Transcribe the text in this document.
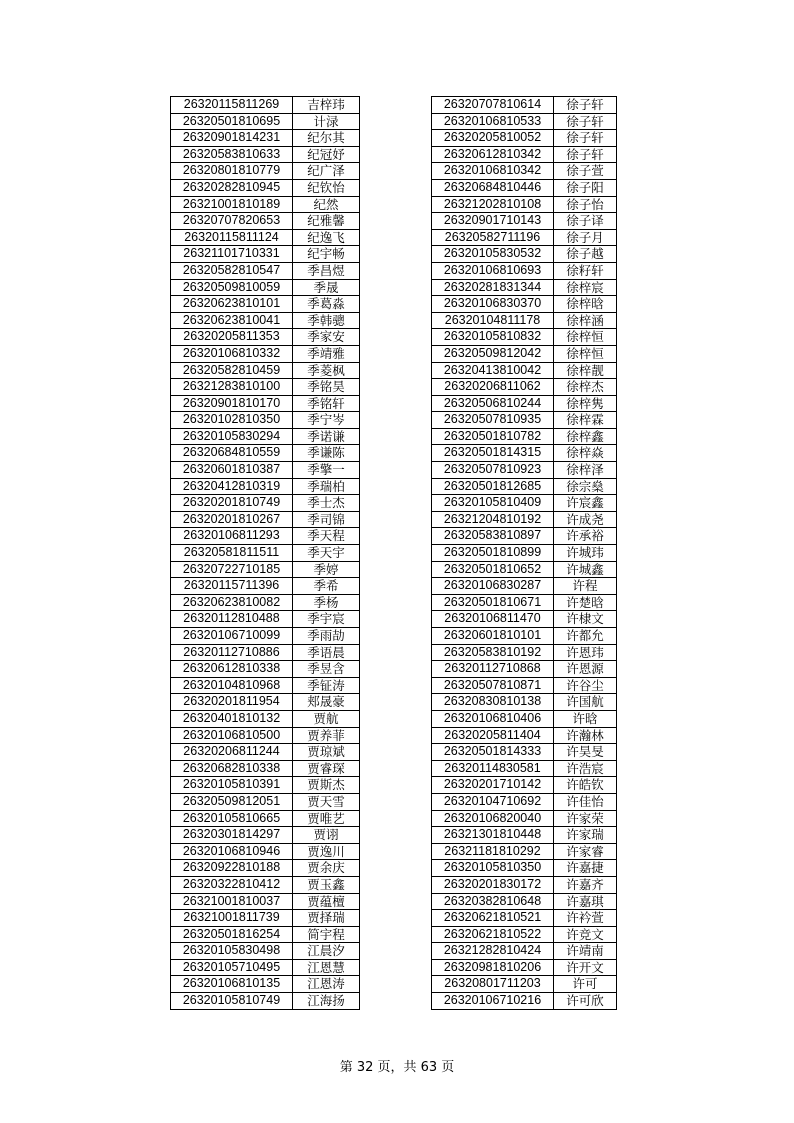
26320115811269	吉梓玮
26320501810695	计渌
26320901814231	纪尔其
26320583810633	纪冠妤
26320801810779	纪广泽
26320282810945	纪钦怡
26321001810189	纪然
26320707820653	纪雅馨
26320115811124	纪逸飞
26321101710331	纪宇畅
26320582810547	季昌煜
26320509810059	季晟
26320623810101	季葛淼
26320623810041	季韩骢
26320205811353	季家安
26320106810332	季靖雅
26320582810459	季菱枫
26321283810100	季铭昊
26320901810170	季铭轩
26320102810350	季宁岑
26320105830294	季诺谦
26320684810559	季谦陈
26320601810387	季擎一
26320412810319	季瑞柏
26320201810749	季士杰
26320201810267	季司锦
26320106811293	季天程
26320581811511	季天宇
26320722710185	季婷
26320115711396	季希
26320623810082	季杨
26320112810488	季宇宸
26320106710099	季雨劼
26320112710886	季语晨
26320612810338	季昱含
26320104810968	季钲涛
26320201811954	郏晟豪
26320401810132	贾航
26320106810500	贾养菲
26320206811244	贾琼斌
26320682810338	贾睿琛
26320105810391	贾斯杰
26320509812051	贾天雪
26320105810665	贾唯艺
26320301814297	贾诩
26320106810946	贾逸川
26320922810188	贾余庆
26320322810412	贾玉鑫
26321001810037	贾蕴檀
26321001811739	贾择瑞
26320501816254	简宇程
26320105830498	江晨汐
26320105710495	江恩慧
26320106810135	江恩涛
26320105810749	江海扬
26320707810614	徐子轩
26320106810533	徐子轩
26320205810052	徐子轩
26320612810342	徐子轩
26320106810342	徐子萱
26320684810446	徐子阳
26321202810108	徐子怡
26320901710143	徐子译
26320582711196	徐子月
26320105830532	徐子越
26320106810693	徐籽轩
26320281831344	徐梓宸
26320106830370	徐梓晗
26320104811178	徐梓涵
26320105810832	徐梓恒
26320509812042	徐梓恒
26320413810042	徐梓靓
26320206811062	徐梓杰
26320506810244	徐梓隽
26320507810935	徐梓霖
26320501810782	徐梓鑫
26320501814315	徐梓焱
26320507810923	徐梓泽
26320501812685	徐宗燊
26320105810409	许宸鑫
26321204810192	许成尧
26320583810897	许承裕
26320501810899	许城玮
26320501810652	许城鑫
26320106830287	许程
26320501810671	许楚晗
26320106811470	许棣文
26320601810101	许都允
26320583810192	许恩玮
26320112710868	许恩源
26320507810871	许谷尘
26320830810138	许国航
26320106810406	许晗
26320205811404	许瀚林
26320501814333	许昊旻
26320114830581	许浩宸
26320201710142	许皓钦
26320104710692	许佳怡
26320106820040	许家荣
26321301810448	许家瑞
26321181810292	许家睿
26320105810350	许嘉捷
26320201830172	许嘉齐
26320382810648	许嘉琪
26320621810521	许衿萱
26320621810522	许竞文
26321282810424	许靖南
26320981810206	许开文
26320801711203	许可
26320106710216	许可欣
第 32 页，共 63 页
